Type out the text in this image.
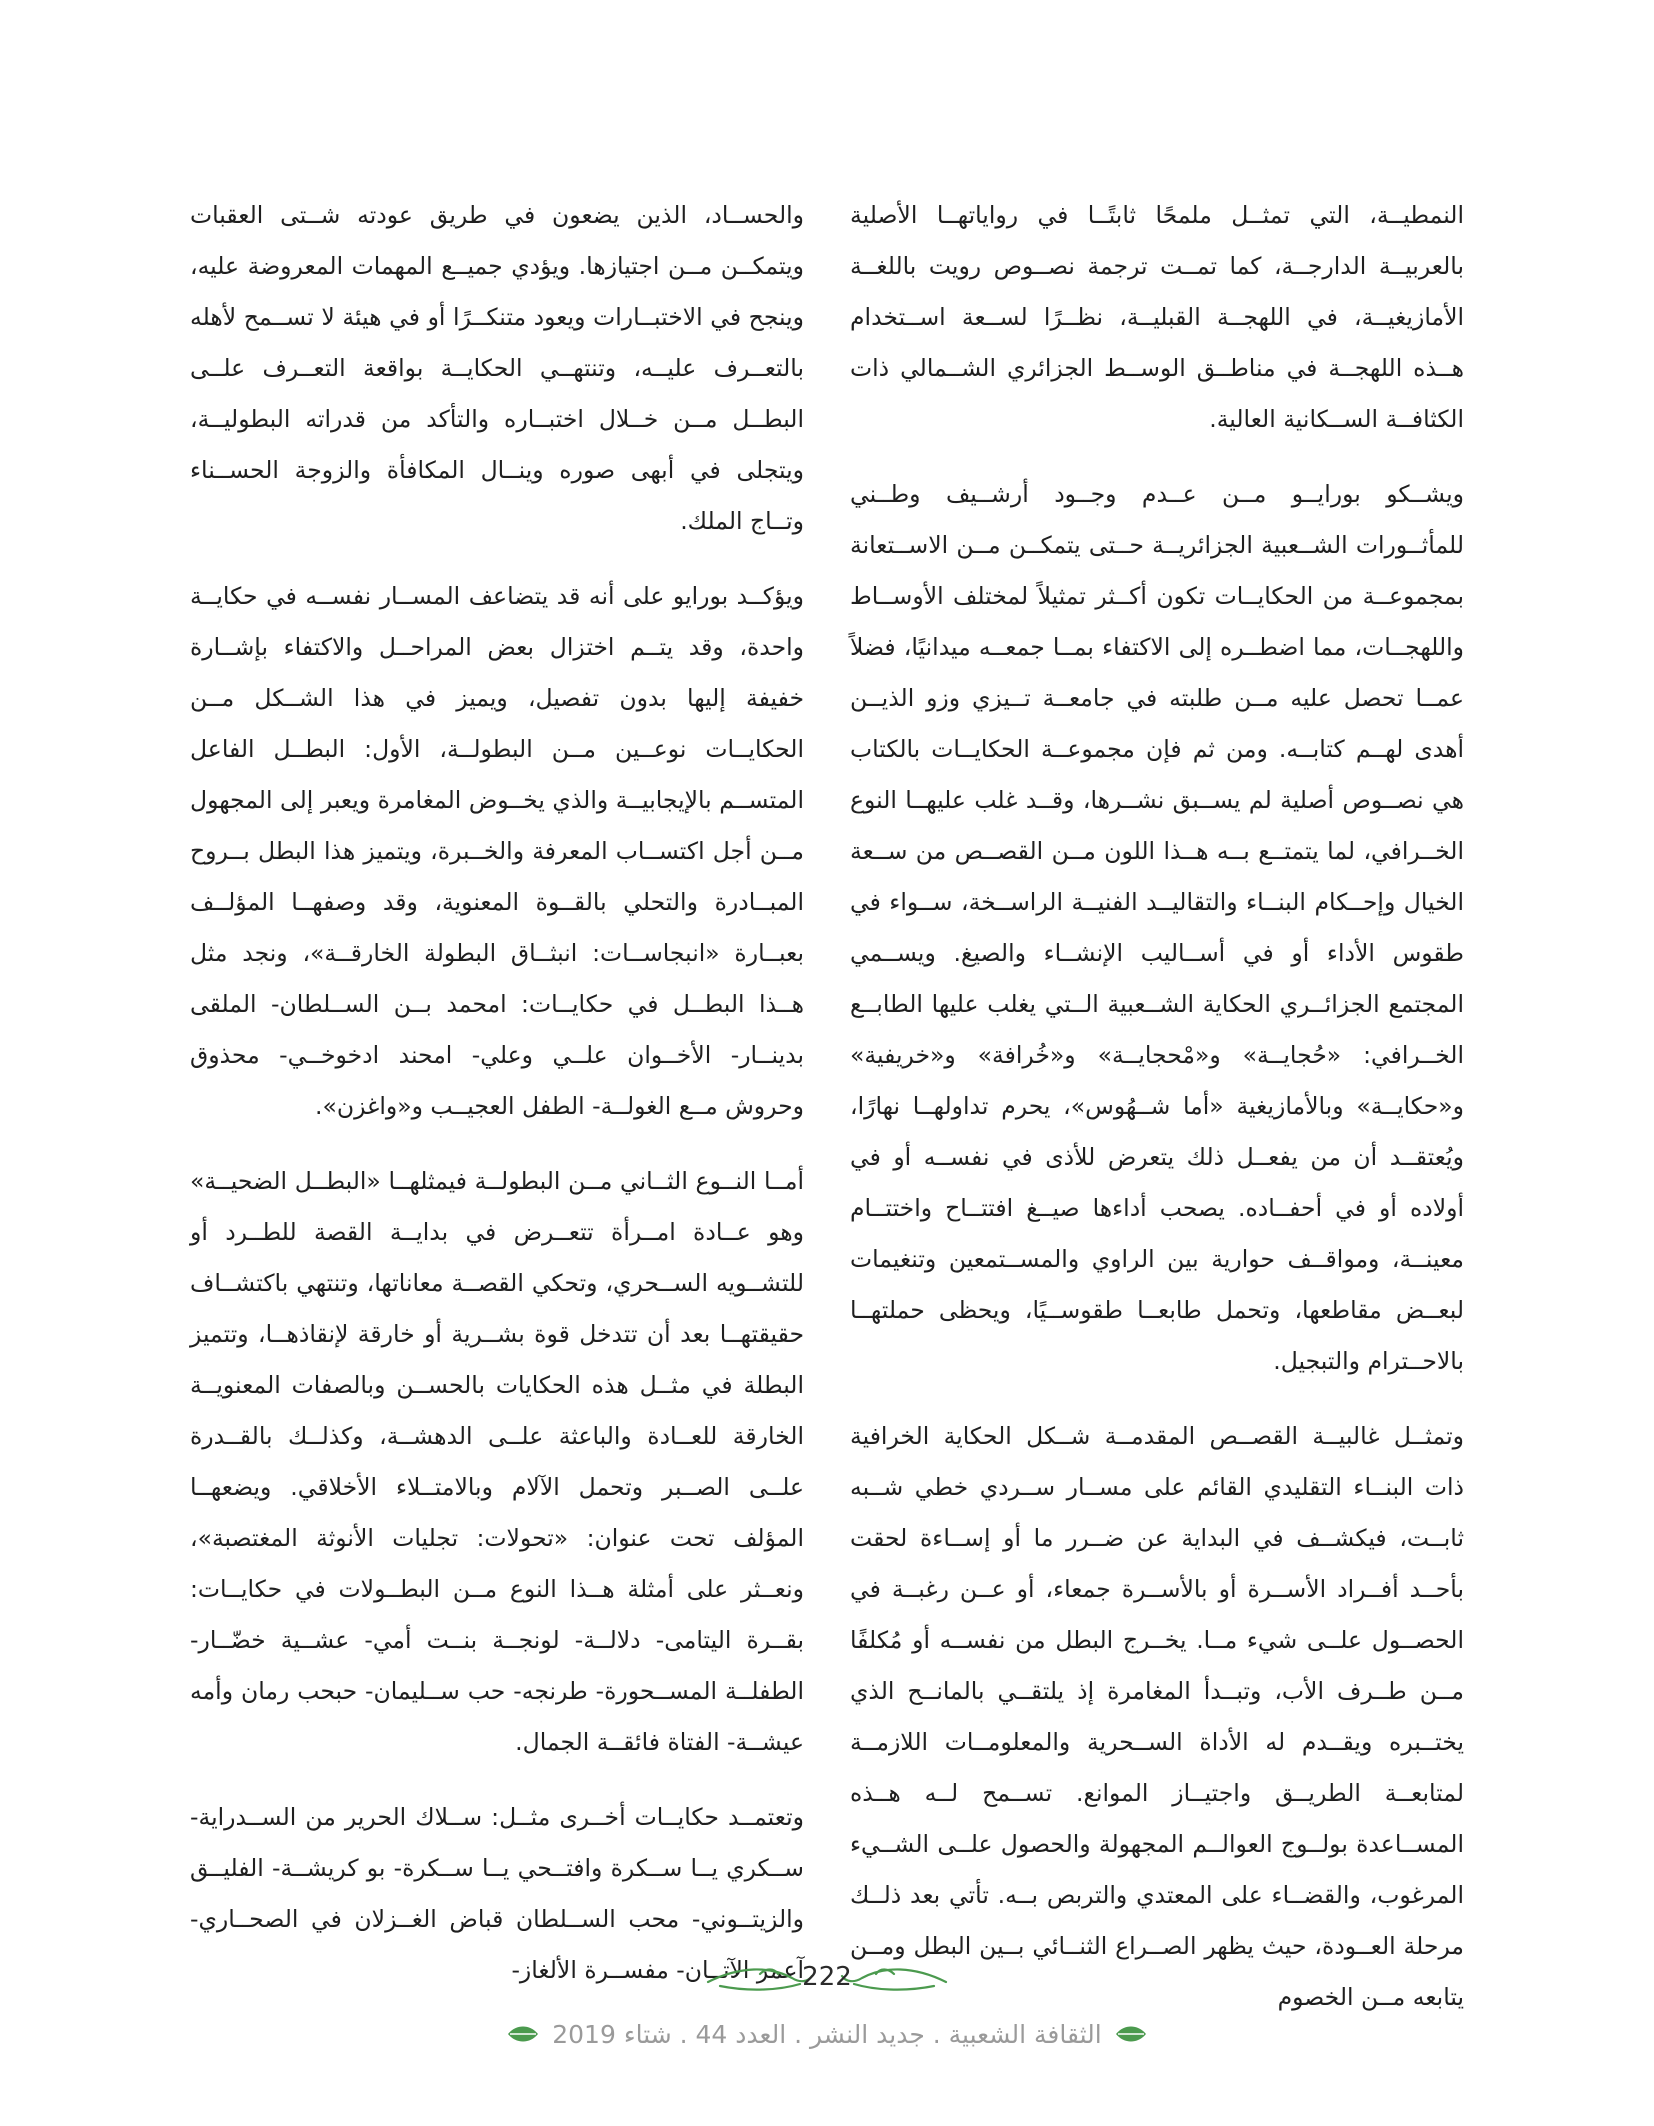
النمطيــة، التي تمثــل ملمحًا ثابتًــا في رواياتهــا الأصلية بالعربيــة الدارجــة، كما تمــت ترجمة نصــوص رويت باللغــة الأمازيغيــة، في اللهجــة القبليــة، نظــرًا لســعة اســتخدام هــذه اللهجــة في مناطــق الوســط الجزائري الشــمالي ذات الكثافــة الســكانية العالية.

ويشــكو بورايــو مــن عــدم وجــود أرشــيف وطــني للمأثــورات الشــعبية الجزائريــة حــتى يتمكــن مــن الاســتعانة بمجموعــة من الحكايــات تكون أكــثر تمثيلاً لمختلف الأوســاط واللهجــات، مما اضطــره إلى الاكتفاء بمــا جمعــه ميدانيًا، فضلاً عمــا تحصل عليه مــن طلبته في جامعــة تــيزي وزو الذيــن أهدى لهــم كتابــه. ومن ثم فإن مجموعــة الحكايــات بالكتاب هي نصــوص أصلية لم يســبق نشــرها، وقــد غلب عليهــا النوع الخــرافي، لما يتمتــع بــه هــذا اللون مــن القصــص من ســعة الخيال وإحــكام البنــاء والتقاليــد الفنيــة الراســخة، ســواء في طقوس الأداء أو في أســاليب الإنشــاء والصيغ. ويســمي المجتمع الجزائــري الحكاية الشــعبية الــتي يغلب عليها الطابــع الخــرافي: «حُجايــة» و«مْحجايــة» و«خُرافة» و«خريفية» و«حكايــة» وبالأمازيغية «أما شــهُوس»، يحرم تداولهــا نهارًا، ويُعتقــد أن من يفعــل ذلك يتعرض للأذى في نفســه أو في أولاده أو في أحفــاده. يصحب أداءها صيــغ افتتــاح واختتــام معينــة، ومواقــف حوارية بين الراوي والمســتمعين وتنغيمات لبعــض مقاطعها، وتحمل طابعــا طقوســيًا، ويحظى حملتهــا بالاحــترام والتبجيل.

وتمثــل غالبيــة القصــص المقدمــة شــكل الحكاية الخرافية ذات البنــاء التقليدي القائم على مســار ســردي خطي شــبه ثابــت، فيكشــف في البداية عن ضــرر ما أو إســاءة لحقت بأحــد أفــراد الأســرة أو بالأســرة جمعاء، أو عــن رغبــة في الحصــول علــى شيء مــا. يخــرج البطل من نفســه أو مُكلفًا مــن طــرف الأب، وتبــدأ المغامرة إذ يلتقــي بالمانــح الذي يختــبره ويقــدم له الأداة الســحرية والمعلومــات اللازمــة لمتابعــة الطريــق واجتيــاز الموانع. تســمح لــه هــذه المســاعدة بولــوج العوالــم المجهولة والحصول علــى الشــيء المرغوب، والقضــاء على المعتدي والتربص بــه. تأتي بعد ذلــك مرحلة العــودة، حيث يظهر الصــراع الثنــائي بــين البطل ومــن يتابعه مــن الخصوم

والحســاد، الذين يضعون في طريق عودته شــتى العقبات ويتمكــن مــن اجتيازها. ويؤدي جميــع المهمات المعروضة عليه، وينجح في الاختبــارات ويعود متنكــرًا أو في هيئة لا تســمح لأهله بالتعــرف عليــه، وتنتهــي الحكايــة بواقعة التعــرف علــى البطــل مــن خــلال اختبــاره والتأكد من قدراته البطوليــة، ويتجلى في أبهى صوره وينــال المكافأة والزوجة الحســناء وتــاج الملك.

ويؤكــد بورايو على أنه قد يتضاعف المســار نفســه في حكايــة واحدة، وقد يتــم اختزال بعض المراحــل والاكتفاء بإشــارة خفيفة إليها بدون تفصيل، ويميز في هذا الشــكل مــن الحكايــات نوعــين مــن البطولــة، الأول: البطــل الفاعل المتســم بالإيجابيــة والذي يخــوض المغامرة ويعبر إلى المجهول مــن أجل اكتســاب المعرفة والخــبرة، ويتميز هذا البطل بــروح المبــادرة والتحلي بالقــوة المعنوية، وقد وصفهــا المؤلــف بعبــارة «انبجاســات: انبثــاق البطولة الخارقــة»، ونجد مثل هــذا البطــل في حكايــات: امحمد بــن الســلطان- الملقى بدينــار- الأخــوان علــي وعلي- امحند ادخوخــي- محذوق وحروش مــع الغولــة- الطفل العجيــب و«واغزن».

أمــا النــوع الثــاني مــن البطولــة فيمثلهــا «البطــل الضحيــة» وهو عــادة امــرأة تتعــرض في بدايــة القصة للطــرد أو للتشــويه الســحري، وتحكي القصــة معاناتها، وتنتهي باكتشــاف حقيقتهــا بعد أن تتدخل قوة بشــرية أو خارقة لإنقاذهــا، وتتميز البطلة في مثــل هذه الحكايات بالحســن وبالصفات المعنويــة الخارقة للعــادة والباعثة علــى الدهشــة، وكذلــك بالقــدرة علــى الصــبر وتحمل الآلام وبالامتــلاء الأخلاقي. ويضعهــا المؤلف تحت عنوان: «تحولات: تجليات الأنوثة المغتصبة»، ونعــثر على أمثلة هــذا النوع مــن البطــولات في حكايــات: بقــرة اليتامى- دلالــة- لونجــة بنــت أمي- عشــية خضّــار- الطفلــة المســحورة- طرنجه- حب ســليمان- حبحب رمان وأمه عيشــة- الفتاة فائقــة الجمال.

وتعتمــد حكايــات أخــرى مثــل: ســلاك الحرير من الســدراية- ســكري يــا ســكرة وافتــحي يــا ســكرة- بو كريشــة- الفليــق والزيتــوني- محب الســلطان قباض الغــزلان في الصحــاري- آعمر الآتــان- مفســرة الألغاز-

222
الثقافة الشعبية . جديد النشر . العدد 44 . شتاء 2019
